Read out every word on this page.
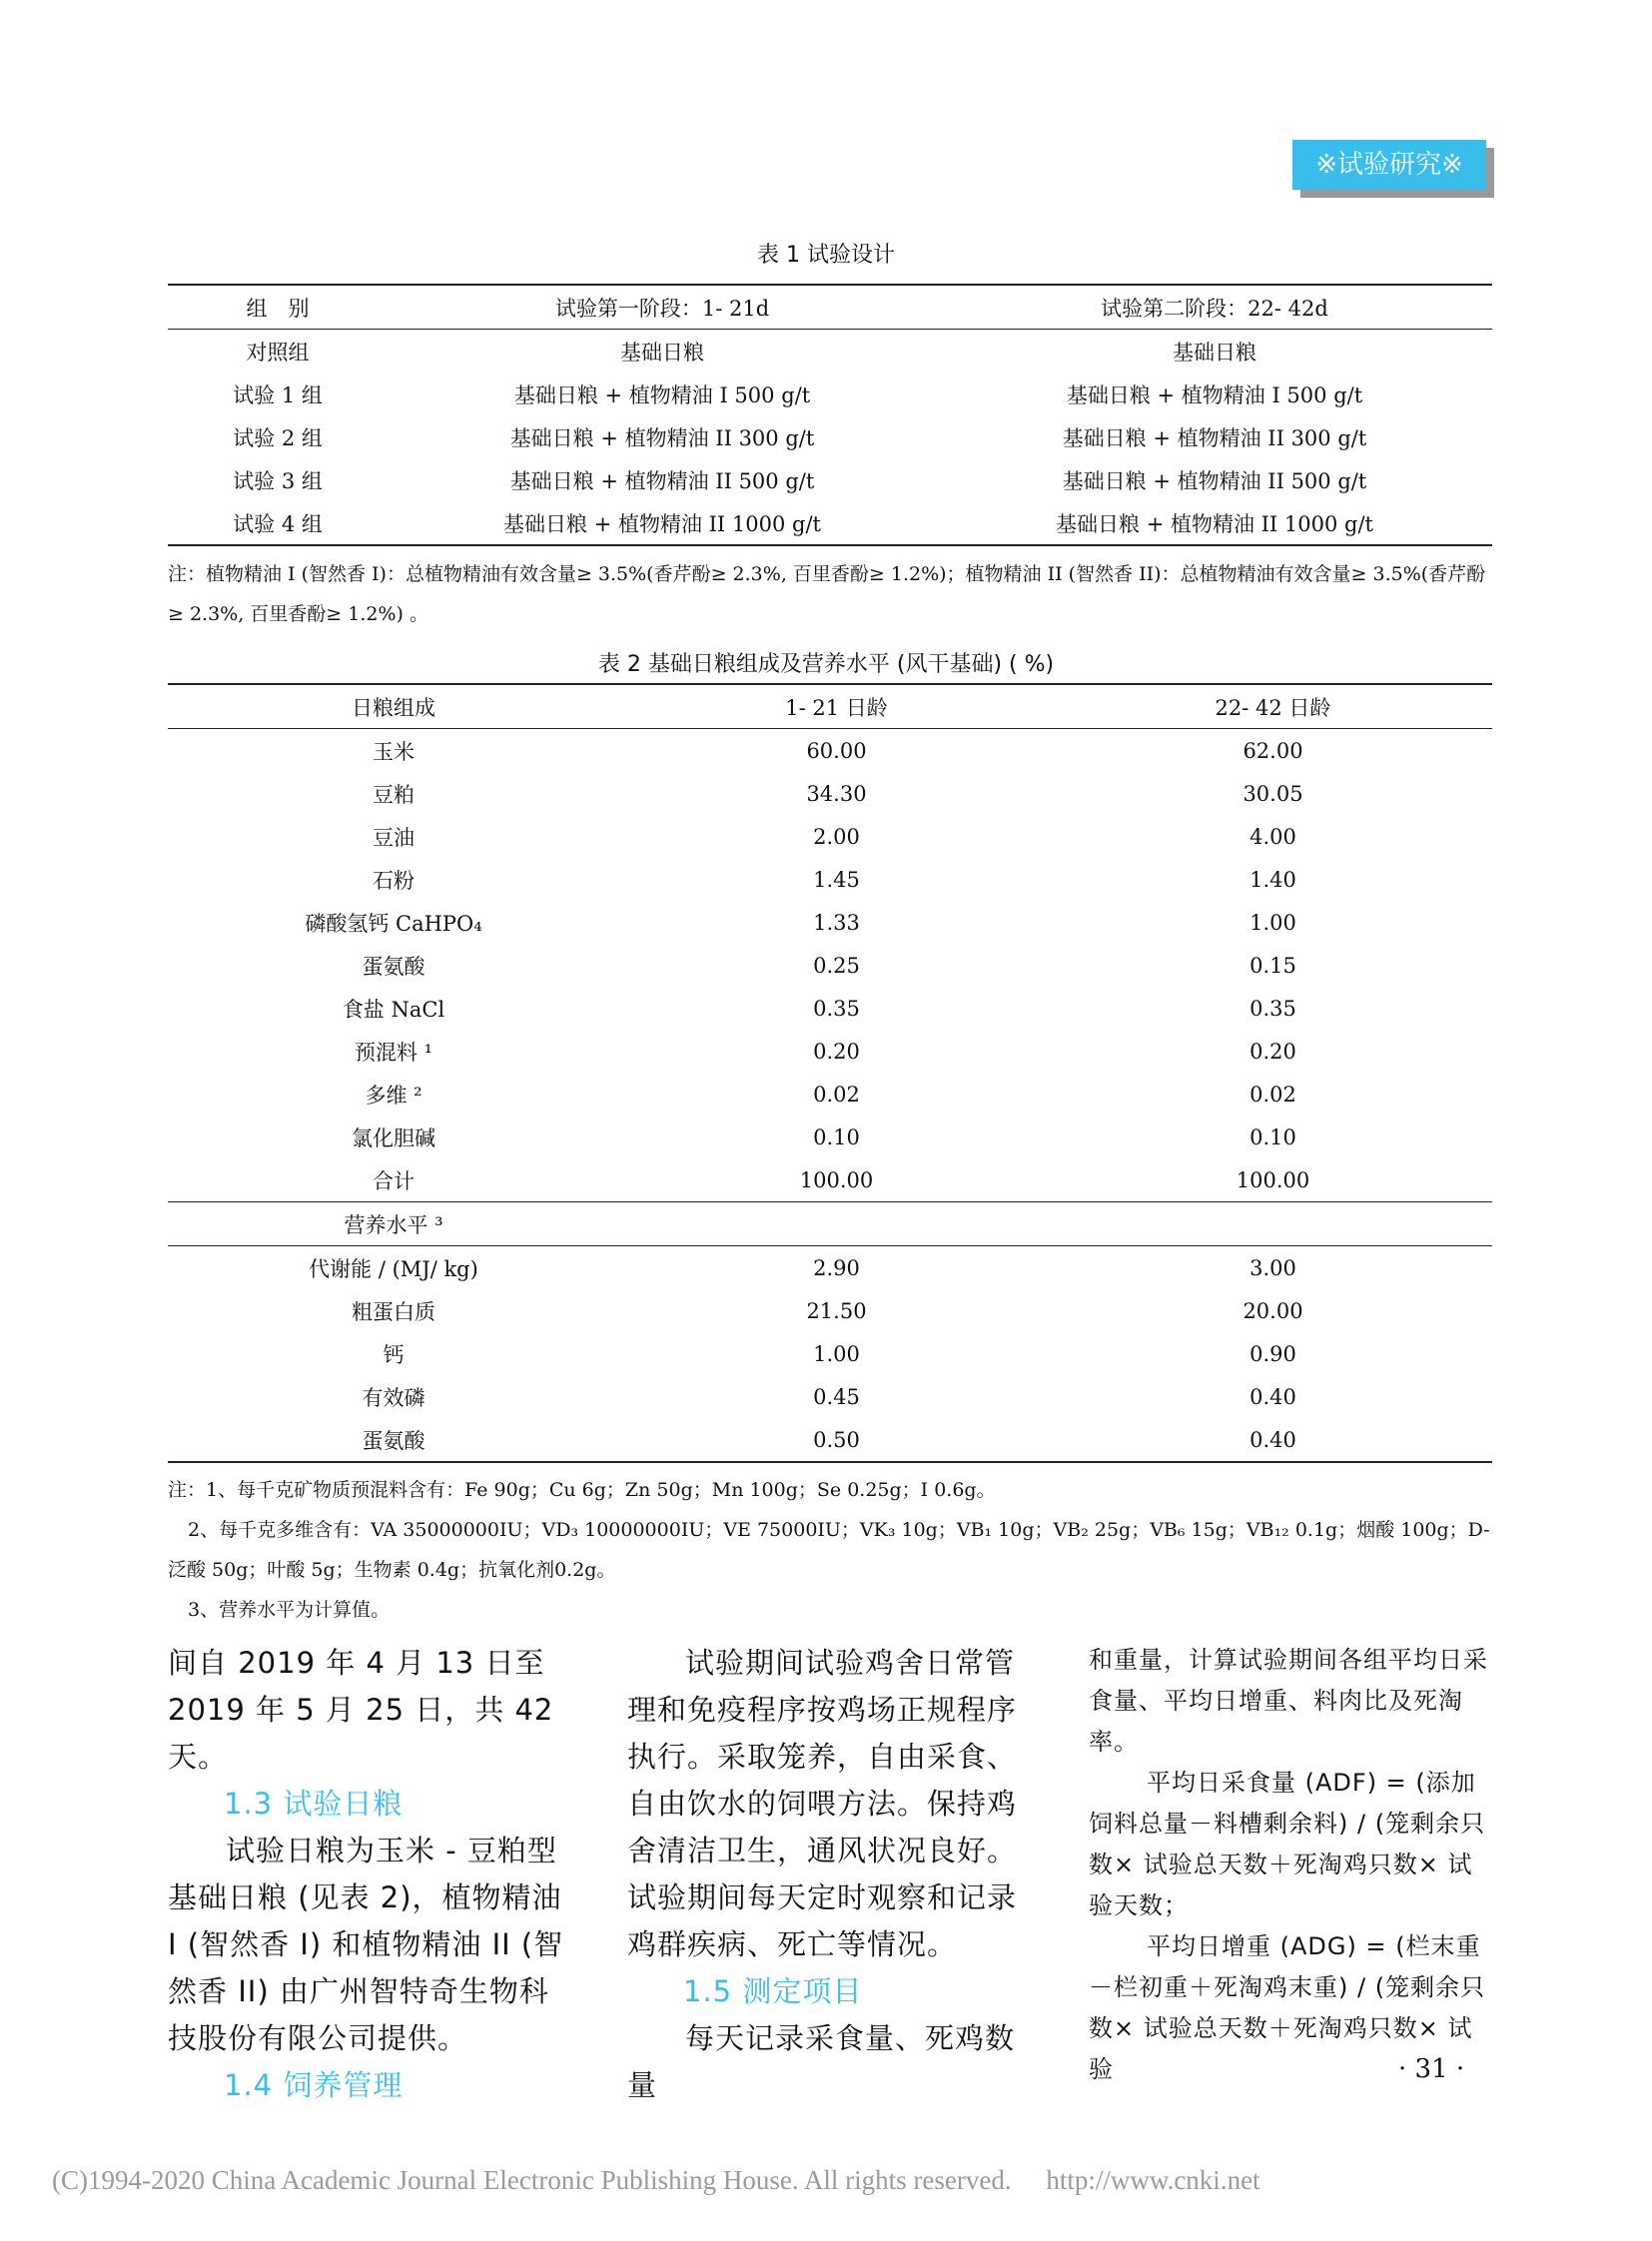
※试验研究※
表 1 试验设计
组　别	试验第一阶段：1- 21d	试验第二阶段：22- 42d
对照组	基础日粮	基础日粮
试验 1 组	基础日粮 + 植物精油 I 500 g/t	基础日粮 + 植物精油 I 500 g/t
试验 2 组	基础日粮 + 植物精油 II 300 g/t	基础日粮 + 植物精油 II 300 g/t
试验 3 组	基础日粮 + 植物精油 II 500 g/t	基础日粮 + 植物精油 II 500 g/t
试验 4 组	基础日粮 + 植物精油 II 1000 g/t	基础日粮 + 植物精油 II 1000 g/t
注：植物精油 I (智然香 I)：总植物精油有效含量≥ 3.5%(香芹酚≥ 2.3%, 百里香酚≥ 1.2%)；植物精油 II (智然香 II)：总植物精油有效含量≥ 3.5%(香芹酚≥ 2.3%, 百里香酚≥ 1.2%) 。
表 2 基础日粮组成及营养水平 (风干基础) ( %)
日粮组成	1- 21 日龄	22- 42 日龄
玉米	60.00	62.00
豆粕	34.30	30.05
豆油	2.00	4.00
石粉	1.45	1.40
磷酸氢钙 CaHPO₄	1.33	1.00
蛋氨酸	0.25	0.15
食盐 NaCl	0.35	0.35
预混料 ¹	0.20	0.20
多维 ²	0.02	0.02
氯化胆碱	0.10	0.10
合计	100.00	100.00
营养水平 ³		
代谢能 / (MJ/ kg)	2.90	3.00
粗蛋白质	21.50	20.00
钙	1.00	0.90
有效磷	0.45	0.40
蛋氨酸	0.50	0.40
注：1、每千克矿物质预混料含有：Fe 90g；Cu 6g；Zn 50g；Mn 100g；Se 0.25g；I 0.6g。
2、每千克多维含有：VA 35000000IU；VD₃ 10000000IU；VE 75000IU；VK₃ 10g；VB₁ 10g；VB₂ 25g；VB₆ 15g；VB₁₂ 0.1g；烟酸 100g；D- 泛酸 50g；叶酸 5g；生物素 0.4g；抗氧化剂0.2g。
3、营养水平为计算值。

间自 2019 年 4 月 13 日至 2019 年 5 月 25 日，共 42 天。

1.3 试验日粮

试验日粮为玉米 - 豆粕型基础日粮 (见表 2)，植物精油 I (智然香 I) 和植物精油 II (智然香 II) 由广州智特奇生物科技股份有限公司提供。

1.4 饲养管理

试验期间试验鸡舍日常管理和免疫程序按鸡场正规程序执行。采取笼养，自由采食、自由饮水的饲喂方法。保持鸡舍清洁卫生，通风状况良好。试验期间每天定时观察和记录鸡群疾病、死亡等情况。

1.5 测定项目

每天记录采食量、死鸡数量

和重量，计算试验期间各组平均日采食量、平均日增重、料肉比及死淘率。

平均日采食量 (ADF) = (添加饲料总量－料槽剩余料) / (笼剩余只数× 试验总天数＋死淘鸡只数× 试验天数；

平均日增重 (ADG) = (栏末重－栏初重＋死淘鸡末重) / (笼剩余只数× 试验总天数＋死淘鸡只数× 试验	· 31 ·
(C)1994-2020 China Academic Journal Electronic Publishing House. All rights reserved. http://www.cnki.net
